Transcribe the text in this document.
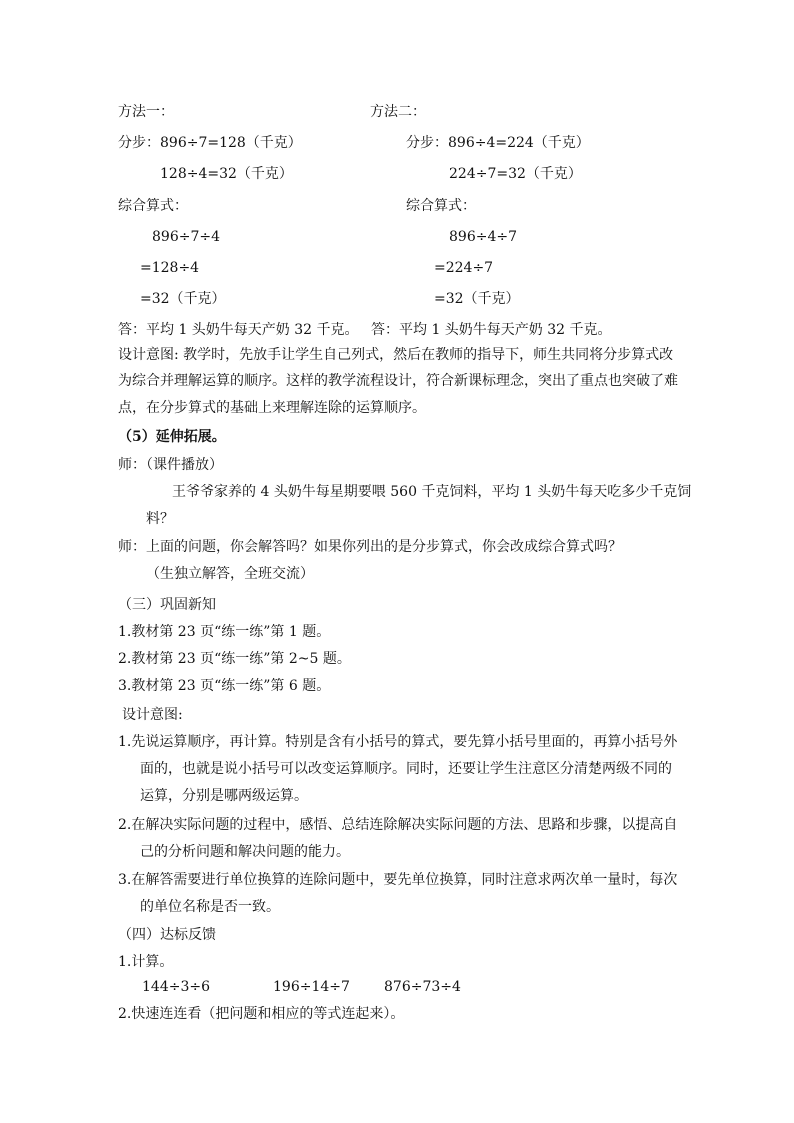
方法一：	方法二：
分步：896÷7=128（千克）	分步：896÷4=224（千克）
128÷4=32（千克）	224÷7=32（千克）
综合算式：	综合算式：
896÷7÷4	896÷4÷7
=128÷4	=224÷7
=32（千克）	=32（千克）
答：平均 1 头奶牛每天产奶 32 千克。 答：平均 1 头奶牛每天产奶 32 千克。
设计意图: 教学时，先放手让学生自己列式，然后在教师的指导下，师生共同将分步算式改
为综合并理解运算的顺序。这样的教学流程设计，符合新课标理念，突出了重点也突破了难
点，在分步算式的基础上来理解连除的运算顺序。
（5）延伸拓展。
师：（课件播放）
王爷爷家养的 4 头奶牛每星期要喂 560 千克饲料，平均 1 头奶牛每天吃多少千克饲
料？
师：上面的问题，你会解答吗？如果你列出的是分步算式，你会改成综合算式吗？
（生独立解答，全班交流）
（三）巩固新知
1.教材第 23 页“练一练”第 1 题。
2.教材第 23 页“练一练”第 2~5 题。
3.教材第 23 页“练一练”第 6 题。
设计意图:
1.先说运算顺序，再计算。特别是含有小括号的算式，要先算小括号里面的，再算小括号外
面的，也就是说小括号可以改变运算顺序。同时，还要让学生注意区分清楚两级不同的
运算，分别是哪两级运算。
2.在解决实际问题的过程中，感悟、总结连除解决实际问题的方法、思路和步骤，以提高自
己的分析问题和解决问题的能力。
3.在解答需要进行单位换算的连除问题中，要先单位换算，同时注意求两次单一量时，每次
的单位名称是否一致。
（四）达标反馈
1.计算。
144÷3÷6	196÷14÷7 876÷73÷4
2.快速连连看（把问题和相应的等式连起来）。
